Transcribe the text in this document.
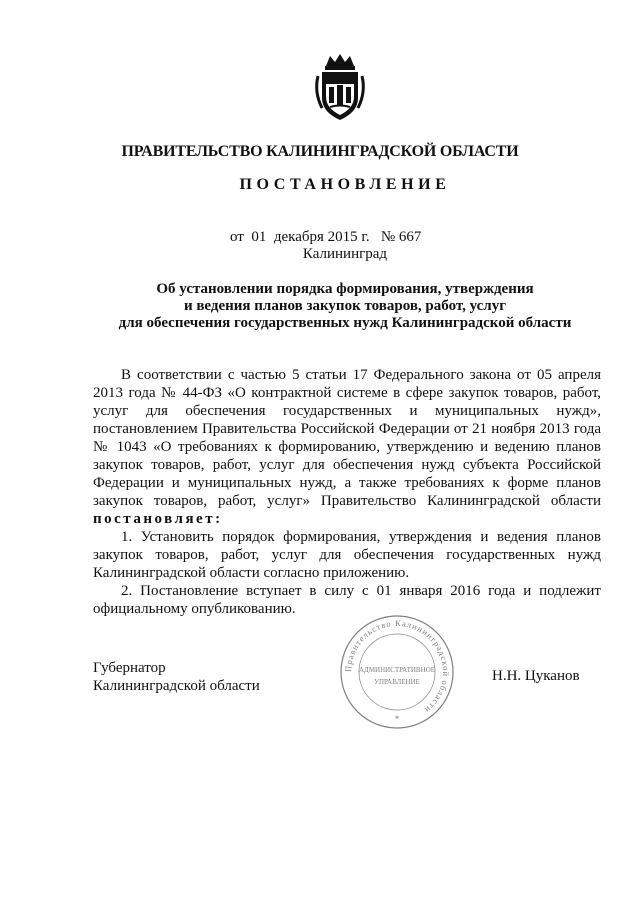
ПРАВИТЕЛЬСТВО КАЛИНИНГРАДСКОЙ ОБЛАСТИ
ПОСТАНОВЛЕНИЕ
от  01  декабря 2015 г.   № 667
Калининград
Об установлении порядка формирования, утверждения
и ведения планов закупок товаров, работ, услуг
для обеспечения государственных нужд Калининградской области

В соответствии с частью 5 статьи 17 Федерального закона от 05 апреля 2013 года № 44-ФЗ «О контрактной системе в сфере закупок товаров, работ, услуг для обеспечения государственных и муниципальных нужд», постановлением Правительства Российской Федерации от 21 ноября 2013 года № 1043 «О требованиях к формированию, утверждению и ведению планов закупок товаров, работ, услуг для обеспечения нужд субъекта Российской Федерации и муниципальных нужд, а также требованиях к форме планов закупок товаров, работ, услуг» Правительство Калининградской области постановляет:

1. Установить порядок формирования, утверждения и ведения планов закупок товаров, работ, услуг для обеспечения государственных нужд Калининградской области согласно приложению.

2. Постановление вступает в силу с 01 января 2016 года и подлежит официальному опубликованию.

Губернатор
Калининградской области
Н.Н. Цуканов
Правительство Калининградской области
АДМИНИСТРАТИВНОЕ
УПРАВЛЕНИЕ
*
